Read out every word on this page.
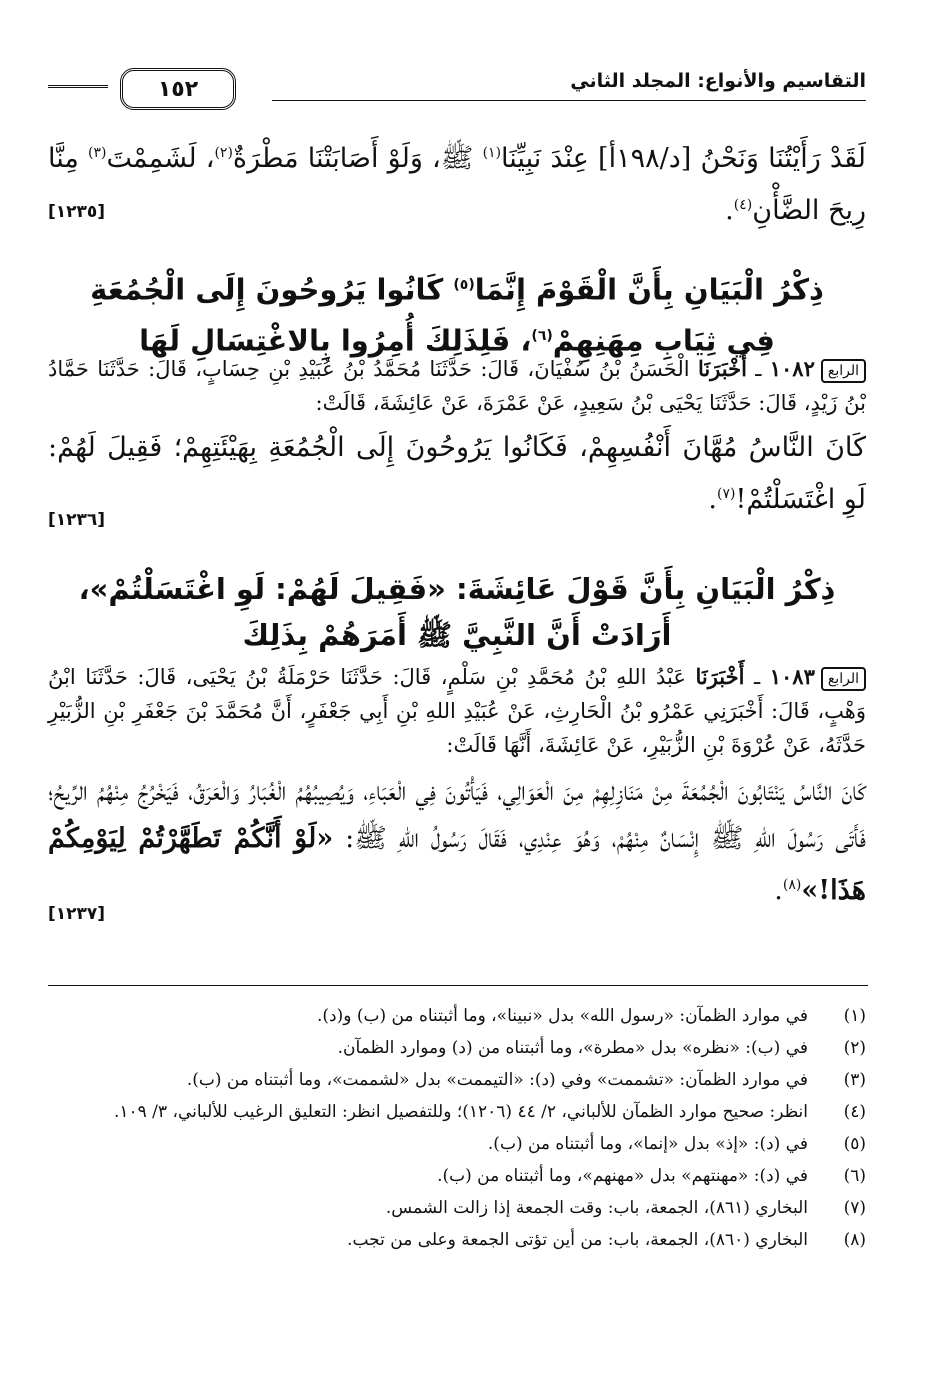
التقاسيم والأنواع: المجلد الثاني
١٥٢

لَقَدْ رَأَيْتُنَا وَنَحْنُ [د/١٩٨أ] عِنْدَ نَبِيِّنَا$^{(١)}$ ﷺ، وَلَوْ أَصَابَتْنَا مَطْرَةٌ$^{(٢)}$، لَشَمِمْتَ$^{(٣)}$ مِنَّا رِيحَ الضَّأْنِ$^{(٤)}$.

[١٢٣٥]
ذِكْرُ الْبَيَانِ بِأَنَّ الْقَوْمَ إِنَّمَا$^{(٥)}$ كَانُوا يَرُوحُونَ إِلَى الْجُمُعَةِ
فِي ثِيَابِ مِهَنِهِمْ$^{(٦)}$، فَلِذَلِكَ أُمِرُوا بِالاغْتِسَالِ لَهَا

الرابع١٠٨٢ ـ أَخْبَرَنَا الْحَسَنُ بْنُ سُفْيَانَ، قَالَ: حَدَّثَنَا مُحَمَّدُ بْنُ عُبَيْدِ بْنِ حِسَابٍ، قَالَ: حَدَّثَنَا حَمَّادُ بْنُ زَيْدٍ، قَالَ: حَدَّثَنَا يَحْيَى بْنُ سَعِيدٍ، عَنْ عَمْرَةَ، عَنْ عَائِشَةَ، قَالَتْ:

كَانَ النَّاسُ مُهَّانَ أَنْفُسِهِمْ، فَكَانُوا يَرُوحُونَ إِلَى الْجُمُعَةِ بِهَيْئَتِهِمْ؛ فَقِيلَ لَهُمْ: لَوِ اغْتَسَلْتُمْ!$^{(٧)}$.

[١٢٣٦]
ذِكْرُ الْبَيَانِ بِأَنَّ قَوْلَ عَائِشَةَ: «فَقِيلَ لَهُمْ: لَوِ اغْتَسَلْتُمْ»،
أَرَادَتْ أَنَّ النَّبِيَّ ﷺ أَمَرَهُمْ بِذَلِكَ

الرابع١٠٨٣ ـ أَخْبَرَنَا عَبْدُ اللهِ بْنُ مُحَمَّدِ بْنِ سَلْمٍ، قَالَ: حَدَّثَنَا حَرْمَلَةُ بْنُ يَحْيَى، قَالَ: حَدَّثَنَا ابْنُ وَهْبٍ، قَالَ: أَخْبَرَنِي عَمْرُو بْنُ الْحَارِثِ، عَنْ عُبَيْدِ اللهِ بْنِ أَبِي جَعْفَرٍ، أَنَّ مُحَمَّدَ بْنَ جَعْفَرِ بْنِ الزُّبَيْرِ حَدَّثَهُ، عَنْ عُرْوَةَ بْنِ الزُّبَيْرِ، عَنْ عَائِشَةَ، أَنَّهَا قَالَتْ:

كَانَ النَّاسُ يَنْتَابُونَ الْجُمُعَةَ مِنْ مَنَازِلِهِمْ مِنَ الْعَوَالِي، فَيَأْتُونَ فِي الْعَبَاءِ، وَيُصِيبُهُمُ الْغُبَارُ وَالْعَرَقُ، فَيَخْرُجُ مِنْهُمُ الرِّيحُ؛ فَأَتَى رَسُولَ اللهِ ﷺ إِنْسَانٌ مِنْهُمْ، وَهُوَ عِنْدِي، فَقَالَ رَسُولُ اللهِ ﷺ: «لَوْ أَنَّكُمْ تَطَهَّرْتُمْ لِيَوْمِكُمْ هَذَا!»$^{(٨)}$.

[١٢٣٧]

(١)
في موارد الظمآن: «رسول الله» بدل «نبينا»، وما أثبتناه من (ب) و(د).

(٢)
في (ب): «نظره» بدل «مطرة»، وما أثبتناه من (د) وموارد الظمآن.

(٣)
في موارد الظمآن: «تشممت» وفي (د): «التيممت» بدل «لشممت»، وما أثبتناه من (ب).

(٤)
انظر: صحيح موارد الظمآن للألباني، ٢/ ٤٤ (١٢٠٦)؛ وللتفصيل انظر: التعليق الرغيب للألباني، ٣/ ١٠٩.

(٥)
في (د): «إذ» بدل «إنما»، وما أثبتناه من (ب).

(٦)
في (د): «مهنتهم» بدل «مهنهم»، وما أثبتناه من (ب).

(٧)
البخاري (٨٦١)، الجمعة، باب: وقت الجمعة إذا زالت الشمس.

(٨)
البخاري (٨٦٠)، الجمعة، باب: من أين تؤتى الجمعة وعلى من تجب.
